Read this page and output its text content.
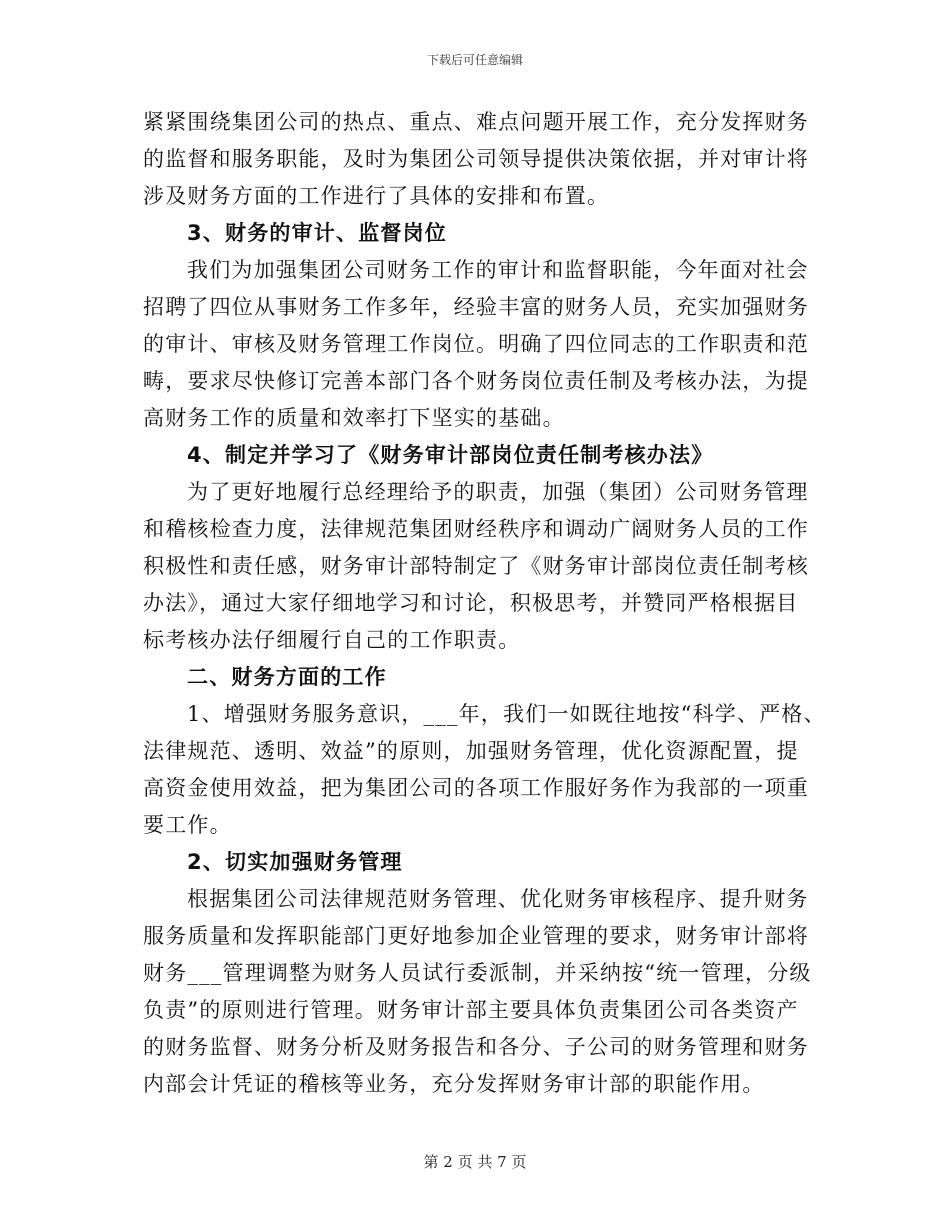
下载后可任意编辑
紧紧围绕集团公司的热点、重点、难点问题开展工作，充分发挥财务
的监督和服务职能，及时为集团公司领导提供决策依据，并对审计将
涉及财务方面的工作进行了具体的安排和布置。
3、财务的审计、监督岗位
我们为加强集团公司财务工作的审计和监督职能，今年面对社会
招聘了四位从事财务工作多年，经验丰富的财务人员，充实加强财务
的审计、审核及财务管理工作岗位。明确了四位同志的工作职责和范
畴，要求尽快修订完善本部门各个财务岗位责任制及考核办法，为提
高财务工作的质量和效率打下坚实的基础。
4、制定并学习了《财务审计部岗位责任制考核办法》
为了更好地履行总经理给予的职责，加强（集团）公司财务管理
和稽核检查力度，法律规范集团财经秩序和调动广阔财务人员的工作
积极性和责任感，财务审计部特制定了《财务审计部岗位责任制考核
办法》，通过大家仔细地学习和讨论，积极思考，并赞同严格根据目
标考核办法仔细履行自己的工作职责。
二、财务方面的工作
1、增强财务服务意识，___年，我们一如既往地按“科学、严格、
法律规范、透明、效益”的原则，加强财务管理，优化资源配置，提
高资金使用效益，把为集团公司的各项工作服好务作为我部的一项重
要工作。
2、切实加强财务管理
根据集团公司法律规范财务管理、优化财务审核程序、提升财务
服务质量和发挥职能部门更好地参加企业管理的要求，财务审计部将
财务___管理调整为财务人员试行委派制，并采纳按“统一管理，分级
负责”的原则进行管理。财务审计部主要具体负责集团公司各类资产
的财务监督、财务分析及财务报告和各分、子公司的财务管理和财务
内部会计凭证的稽核等业务，充分发挥财务审计部的职能作用。
第 2 页 共 7 页
